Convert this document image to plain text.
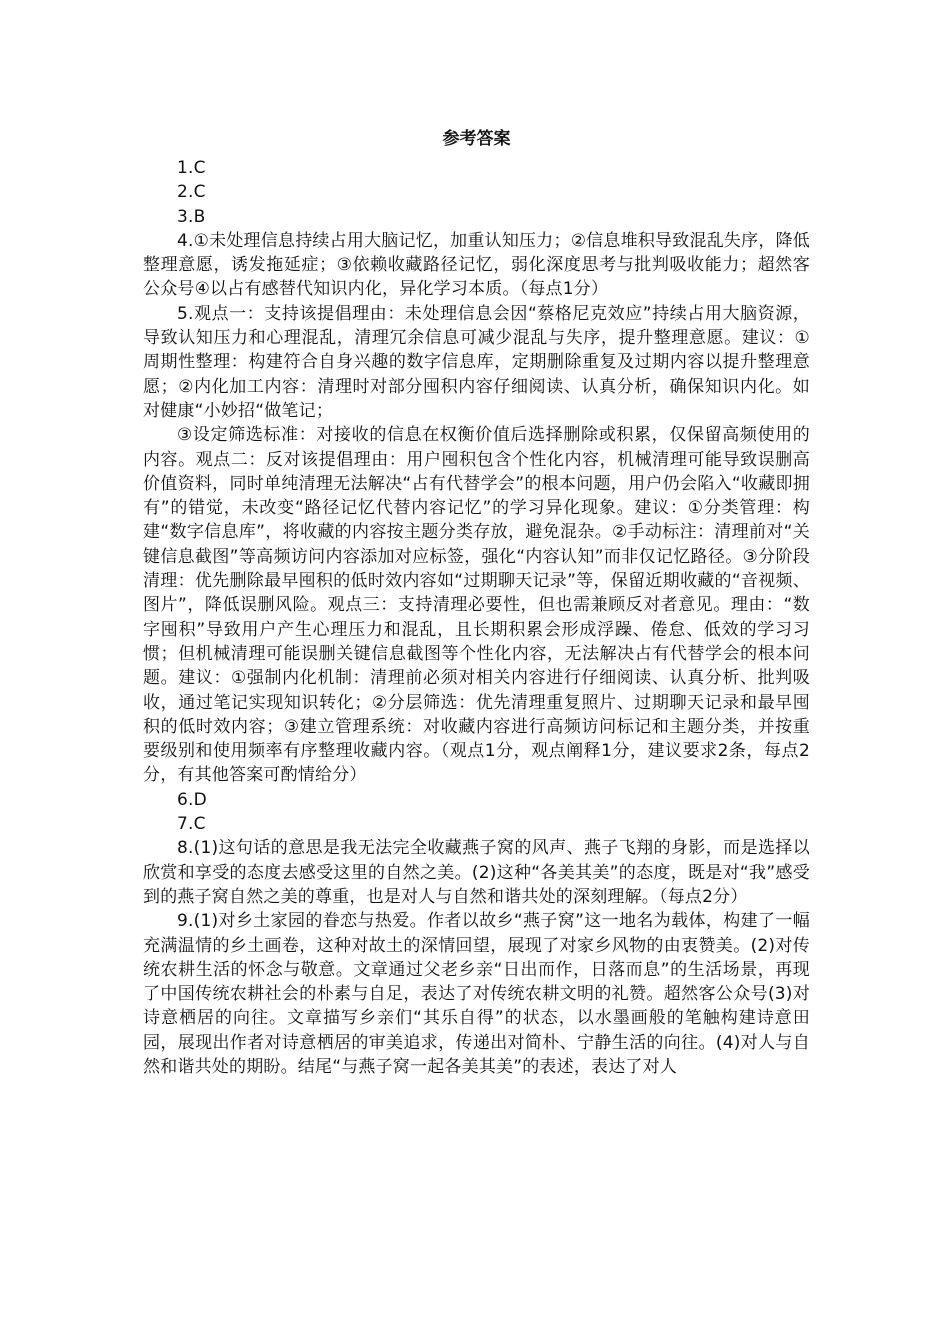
参考答案

1.C

2.C

3.B

4.①未处理信息持续占用大脑记忆，加重认知压力；②信息堆积导致混乱失序，降低整理意愿，诱发拖延症；③依赖收藏路径记忆，弱化深度思考与批判吸收能力；超然客公众号④以占有感替代知识内化，异化学习本质。（每点1分）

5.观点一：支持该提倡理由：未处理信息会因“蔡格尼克效应”持续占用大脑资源，导致认知压力和心理混乱，清理冗余信息可减少混乱与失序，提升整理意愿。建议：①周期性整理：构建符合自身兴趣的数字信息库，定期删除重复及过期内容以提升整理意愿；②内化加工内容：清理时对部分囤积内容仔细阅读、认真分析，确保知识内化。如对健康“小妙招“做笔记；

③设定筛选标准：对接收的信息在权衡价值后选择删除或积累，仅保留高频使用的内容。观点二：反对该提倡理由：用户囤积包含个性化内容，机械清理可能导致误删高价值资料，同时单纯清理无法解决“占有代替学会”的根本问题，用户仍会陷入“收藏即拥有”的错觉，未改变“路径记忆代替内容记忆”的学习异化现象。建议：①分类管理：构建“数字信息库”，将收藏的内容按主题分类存放，避免混杂。②手动标注：清理前对“关键信息截图”等高频访问内容添加对应标签，强化“内容认知”而非仅记忆路径。③分阶段清理：优先删除最早囤积的低时效内容如“过期聊天记录”等，保留近期收藏的“音视频、图片”，降低误删风险。观点三：支持清理必要性，但也需兼顾反对者意见。理由：“数字囤积”导致用户产生心理压力和混乱，且长期积累会形成浮躁、倦怠、低效的学习习惯；但机械清理可能误删关键信息截图等个性化内容，无法解决占有代替学会的根本问题。建议：①强制内化机制：清理前必须对相关内容进行仔细阅读、认真分析、批判吸收，通过笔记实现知识转化；②分层筛选：优先清理重复照片、过期聊天记录和最早囤积的低时效内容；③建立管理系统：对收藏内容进行高频访问标记和主题分类，并按重要级别和使用频率有序整理收藏内容。（观点1分，观点阐释1分，建议要求2条，每点2分，有其他答案可酌情给分）

6.D

7.C

8.(1)这句话的意思是我无法完全收藏燕子窝的风声、燕子飞翔的身影，而是选择以欣赏和享受的态度去感受这里的自然之美。(2)这种“各美其美”的态度，既是对“我”感受到的燕子窝自然之美的尊重，也是对人与自然和谐共处的深刻理解。（每点2分）

9.(1)对乡土家园的眷恋与热爱。作者以故乡“燕子窝”这一地名为载体，构建了一幅充满温情的乡土画卷，这种对故土的深情回望，展现了对家乡风物的由衷赞美。(2)对传统农耕生活的怀念与敬意。文章通过父老乡亲“日出而作，日落而息”的生活场景，再现了中国传统农耕社会的朴素与自足，表达了对传统农耕文明的礼赞。超然客公众号(3)对诗意栖居的向往。文章描写乡亲们“其乐自得”的状态，以水墨画般的笔触构建诗意田园，展现出作者对诗意栖居的审美追求，传递出对简朴、宁静生活的向往。(4)对人与自然和谐共处的期盼。结尾“与燕子窝一起各美其美”的表述，表达了对人
